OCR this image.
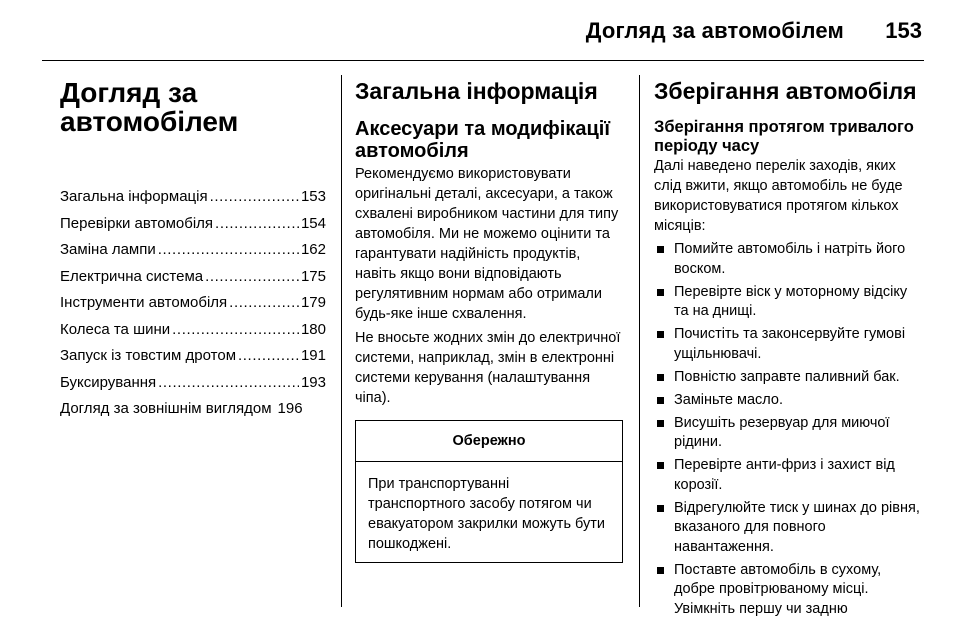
Догляд за автомобілем	153
Догляд за
автомобілем
Загальна інформація .....	153
Перевірки автомобіля .....	154
Заміна лампи .....	162
Електрична система .....	175
Інструменти автомобіля .....	179
Колеса та шини .....	180
Запуск із товстим дротом .....	191
Буксирування .....	193
Догляд за зовнішнім виглядом 196
Загальна інформація
Аксесуари та модифікації автомобіля

Рекомендуємо використовувати оригінальні деталі, аксесуари, а також схвалені виробником частини для типу автомобіля. Ми не можемо оцінити та гарантувати надійність продуктів, навіть якщо вони відповідають регулятивним нормам або отримали будь-яке інше схвалення.

Не вносьте жодних змін до електричної системи, наприклад, змін в електронні системи керування (налаштування чіпа).

Обережно
При транспортуванні транспортного засобу потягом чи евакуатором закрилки можуть бути пошкоджені.
Зберігання автомобіля
Зберігання протягом тривалого періоду часу

Далі наведено перелік заходів, яких слід вжити, якщо автомобіль не буде використовуватися протягом кількох місяців:

Помийте автомобіль і натріть його воском.
Перевірте віск у моторному відсіку та на днищі.
Почистіть та законсервуйте гумові ущільнювачі.
Повністю заправте паливний бак.
Заміньте масло.
Висушіть резервуар для миючої рідини.
Перевірте анти-фриз і захист від корозії.
Відрегулюйте тиск у шинах до рівня, вказаного для повного навантаження.
Поставте автомобіль в сухому, добре провітрюваному місці. Увімкніть першу чи задню
